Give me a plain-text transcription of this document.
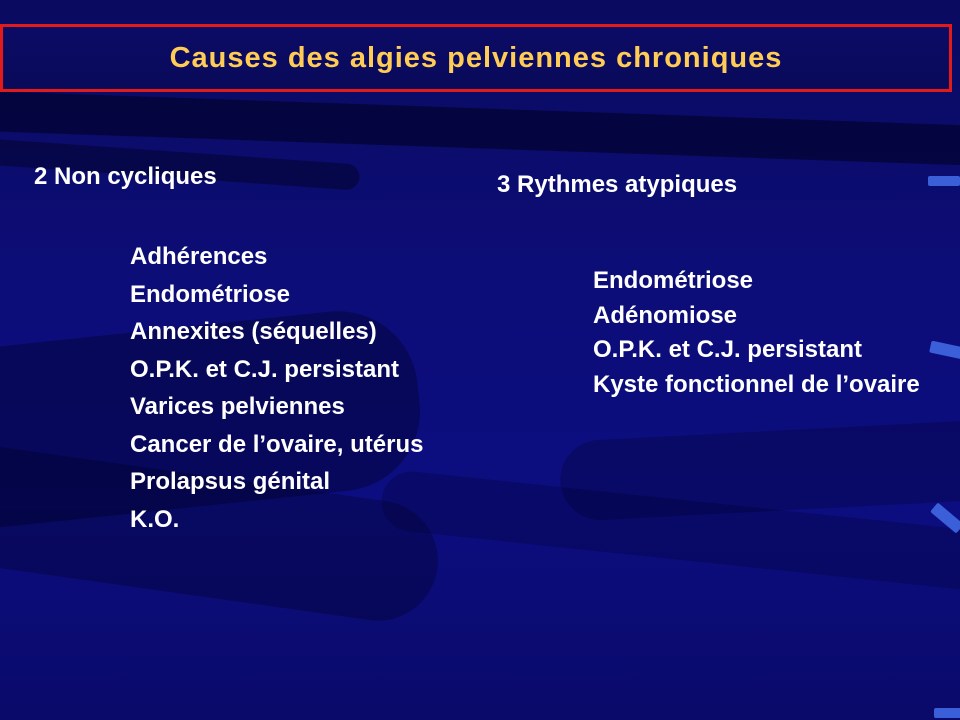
Causes des algies pelviennes chroniques
2 Non cycliques
Adhérences
Endométriose
Annexites (séquelles)
O.P.K. et C.J. persistant
Varices pelviennes
Cancer de l’ovaire, utérus
Prolapsus génital
K.O.
3 Rythmes atypiques
Endométriose
Adénomiose
O.P.K. et C.J. persistant
Kyste fonctionnel de l’ovaire
